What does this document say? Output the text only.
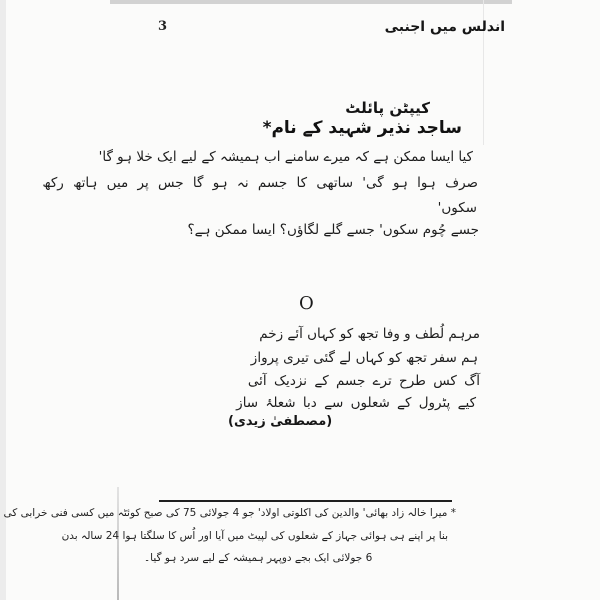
3	اندلس میں اجنبی
کیپٹن پائلٹ
ساجد نذیر شہید کے نام*
کیا ایسا ممکن ہے کہ میرے سامنے اب ہمیشہ کے لیے ایک خلا ہو گا'
صرف ہوا ہو گی' ساتھی کا جسم نہ ہو گا جس پر میں ہاتھ رکھ
سکوں'
جسے چُوم سکوں' جسے گلے لگاؤں؟ ایسا ممکن ہے؟
O
مرہم لُطف و وفا تجھ کو کہاں آئے زخم
ہم سفر تجھ کو کہاں لے گئی تیری پرواز
آگ کس طرح ترے جسم کے نزدیک آئی
کیے پٹرول کے شعلوں سے دبا شعلۂ ساز
(مصطفیٰ زیدی)
* میرا خالہ زاد بھائی' والدین کی اکلوتی اولاد' جو 4 جولائی 75 کی صبح کوئٹہ میں کسی فنی خرابی کی
بنا پر اپنے ہی ہوائی جہاز کے شعلوں کی لپیٹ میں آیا اور اُس کا سلگتا ہوا 24 سالہ بدن
6 جولائی ایک بجے دوپہر ہمیشہ کے لیے سرد ہو گیا۔
